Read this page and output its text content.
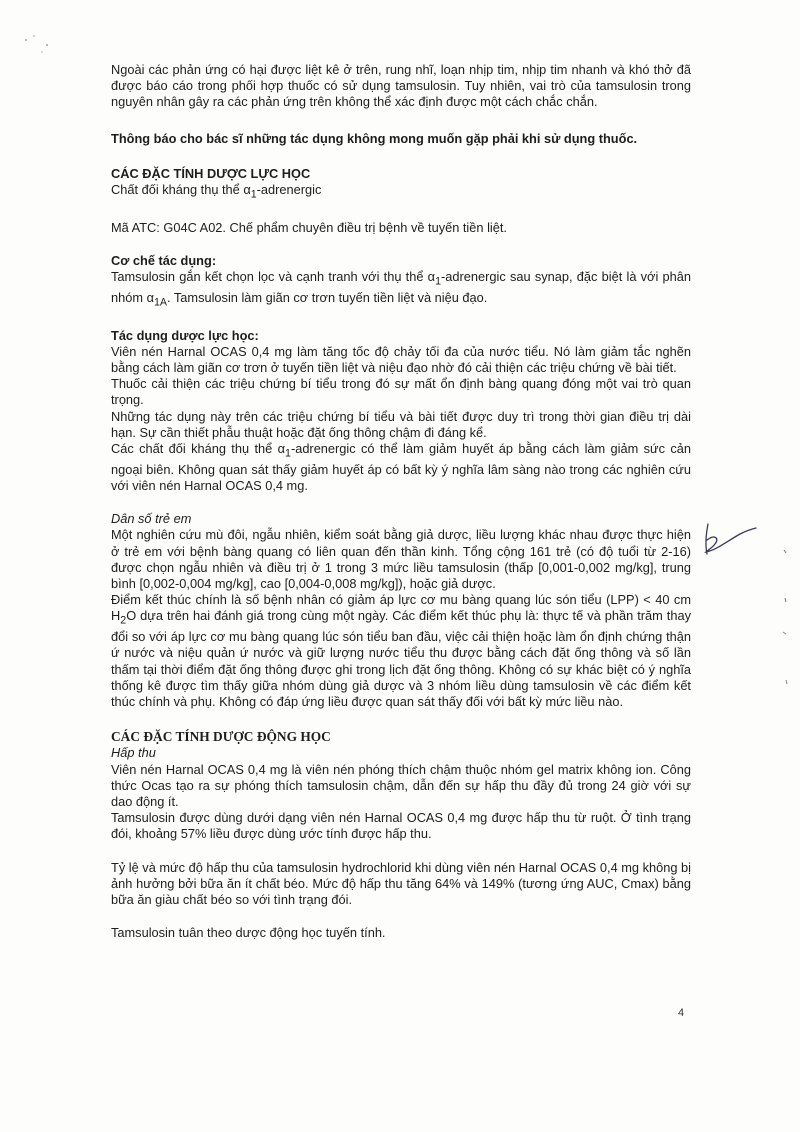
Ngoài các phản ứng có hại được liệt kê ở trên, rung nhĩ, loạn nhịp tim, nhịp tim nhanh và khó thở đã được báo cáo trong phối hợp thuốc có sử dụng tamsulosin. Tuy nhiên, vai trò của tamsulosin trong nguyên nhân gây ra các phản ứng trên không thể xác định được một cách chắc chắn.

Thông báo cho bác sĩ những tác dụng không mong muốn gặp phải khi sử dụng thuốc.

CÁC ĐẶC TÍNH DƯỢC LỰC HỌC

Chất đối kháng thụ thể $\alpha_1$-adrenergic

Mã ATC: G04C A02. Chế phẩm chuyên điều trị bệnh về tuyến tiền liệt.

Cơ chế tác dụng:

Tamsulosin gắn kết chọn lọc và cạnh tranh với thụ thể $\alpha_1$-adrenergic sau synap, đặc biệt là với phân nhóm $\alpha_{1A}$. Tamsulosin làm giãn cơ trơn tuyến tiền liệt và niệu đạo.

Tác dụng dược lực học:

Viên nén Harnal OCAS 0,4 mg làm tăng tốc độ chảy tối đa của nước tiểu. Nó làm giảm tắc nghẽn bằng cách làm giãn cơ trơn ở tuyến tiền liệt và niệu đạo nhờ đó cải thiện các triệu chứng về bài tiết.

Thuốc cải thiện các triệu chứng bí tiểu trong đó sự mất ổn định bàng quang đóng một vai trò quan trọng.

Những tác dụng này trên các triệu chứng bí tiểu và bài tiết được duy trì trong thời gian điều trị dài hạn. Sự cần thiết phẫu thuật hoặc đặt ống thông chậm đi đáng kể.

Các chất đối kháng thụ thể $\alpha_1$-adrenergic có thể làm giảm huyết áp bằng cách làm giảm sức cản ngoại biên. Không quan sát thấy giảm huyết áp có bất kỳ ý nghĩa lâm sàng nào trong các nghiên cứu với viên nén Harnal OCAS 0,4 mg.

Dân số trẻ em

Một nghiên cứu mù đôi, ngẫu nhiên, kiểm soát bằng giả dược, liều lượng khác nhau được thực hiện ở trẻ em với bệnh bàng quang có liên quan đến thần kinh. Tổng cộng 161 trẻ (có độ tuổi từ 2-16) được chọn ngẫu nhiên và điều trị ở 1 trong 3 mức liều tamsulosin (thấp [0,001-0,002 mg/kg], trung bình [0,002-0,004 mg/kg], cao [0,004-0,008 mg/kg]), hoặc giả dược.

Điểm kết thúc chính là số bệnh nhân có giảm áp lực cơ mu bàng quang lúc són tiểu (LPP) < 40 cm $H_2O$ dựa trên hai đánh giá trong cùng một ngày. Các điểm kết thúc phụ là: thực tế và phần trăm thay đổi so với áp lực cơ mu bàng quang lúc són tiểu ban đầu, việc cải thiện hoặc làm ổn định chứng thận ứ nước và niệu quản ứ nước và giữ lượng nước tiểu thu được bằng cách đặt ống thông và số lần thấm tại thời điểm đặt ống thông được ghi trong lịch đặt ống thông. Không có sự khác biệt có ý nghĩa thống kê được tìm thấy giữa nhóm dùng giả dược và 3 nhóm liều dùng tamsulosin về các điểm kết thúc chính và phụ. Không có đáp ứng liều được quan sát thấy đối với bất kỳ mức liều nào.

CÁC ĐẶC TÍNH DƯỢC ĐỘNG HỌC

Hấp thu

Viên nén Harnal OCAS 0,4 mg là viên nén phóng thích chậm thuộc nhóm gel matrix không ion. Công thức Ocas tạo ra sự phóng thích tamsulosin chậm, dẫn đến sự hấp thu đầy đủ trong 24 giờ với sự dao động ít.

Tamsulosin được dùng dưới dạng viên nén Harnal OCAS 0,4 mg được hấp thu từ ruột. Ở tình trạng đói, khoảng 57% liều được dùng ước tính được hấp thu.

Tỷ lệ và mức độ hấp thu của tamsulosin hydrochlorid khi dùng viên nén Harnal OCAS 0,4 mg không bị ảnh hưởng bởi bữa ăn ít chất béo. Mức độ hấp thu tăng 64% và 149% (tương ứng AUC, Cmax) bằng bữa ăn giàu chất béo so với tình trạng đói.

Tamsulosin tuân theo dược động học tuyến tính.

4
